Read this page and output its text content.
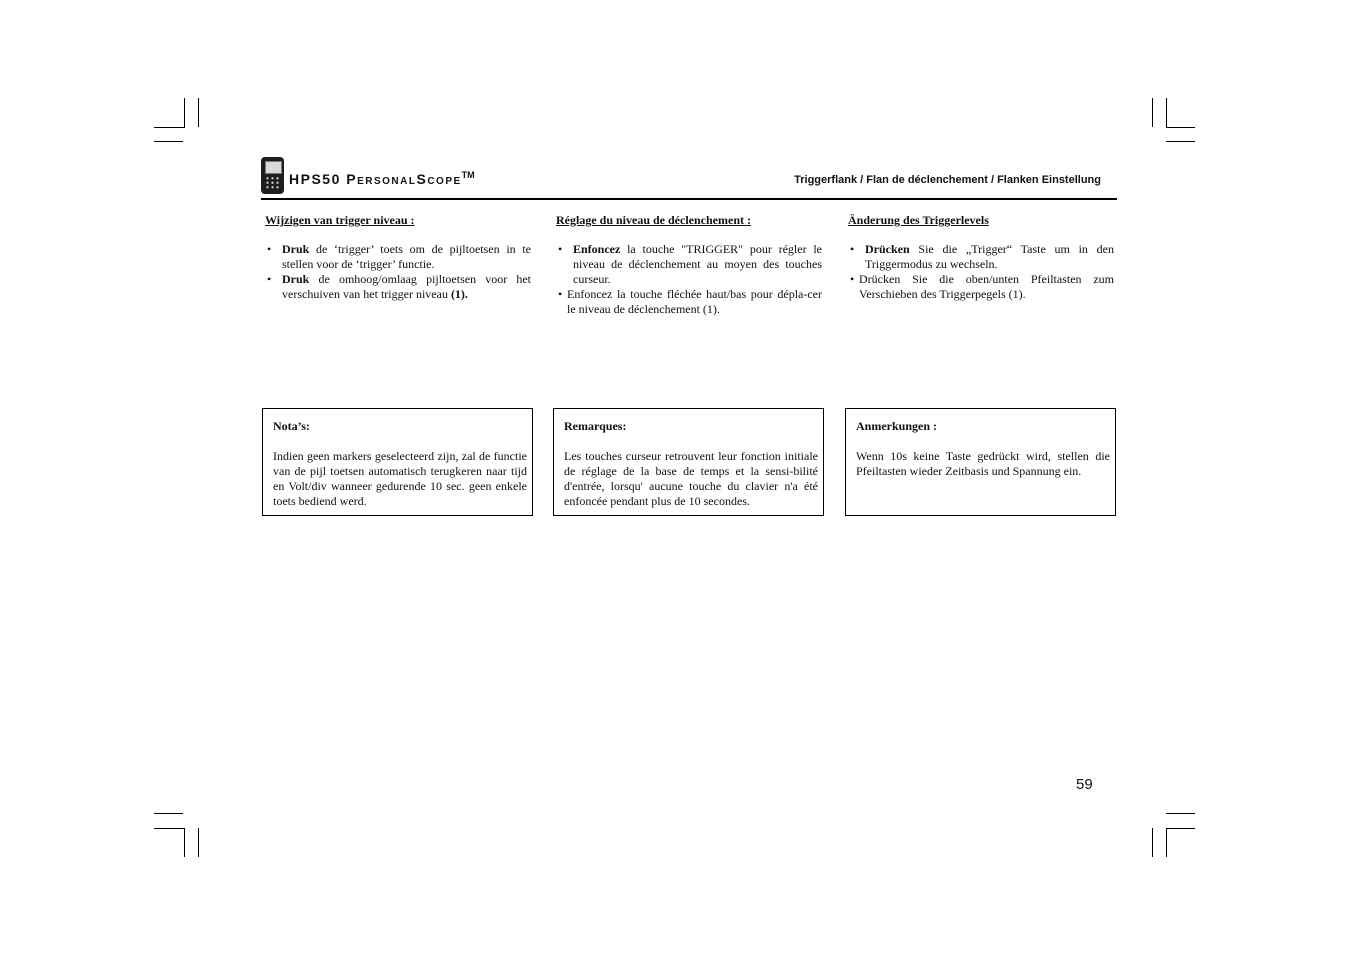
HPS50 PersonalScope™	Triggerflank / Flan de déclenchement / Flanken Einstellung
Wijzigen van trigger niveau :
• Druk de ‘trigger’ toets om de pijltoetsen in te stellen voor de ‘trigger’ functie.
• Druk de omhoog/omlaag pijltoetsen voor het verschuiven van het trigger niveau (1).
Réglage du niveau de déclenchement :
• Enfoncez la touche "TRIGGER" pour régler le niveau de déclenchement au moyen des touches curseur.
• Enfoncez la touche fléchée haut/bas pour dépla-cer le niveau de déclenchement (1).
Änderung des Triggerlevels
• Drücken Sie die „Trigger“ Taste um in den Triggermodus zu wechseln.
• Drücken Sie die oben/unten Pfeiltasten zum Verschieben des Triggerpegels (1).
Nota’s:

Indien geen markers geselecteerd zijn, zal de functie van de pijl toetsen automatisch terugkeren naar tijd en Volt/div wanneer gedurende 10 sec. geen enkele toets bediend werd.

Remarques:

Les touches curseur retrouvent leur fonction initiale de réglage de la base de temps et la sensi-bilité d'entrée, lorsqu' aucune touche du clavier n'a été enfoncée pendant plus de 10 secondes.

Anmerkungen :

Wenn 10s keine Taste gedrückt wird, stellen die Pfeiltasten wieder Zeitbasis und Spannung ein.

59
